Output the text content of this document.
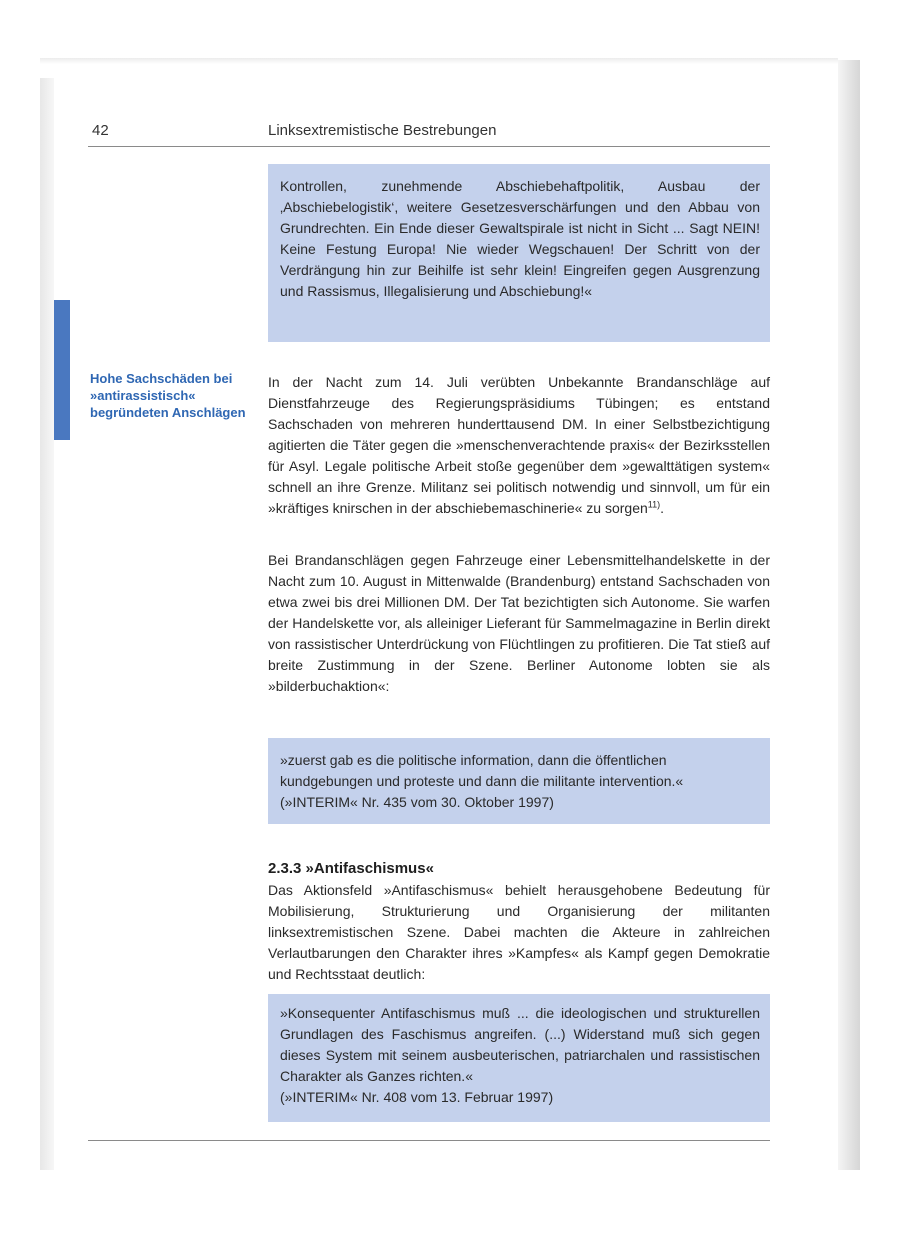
42	Linksextremistische Bestrebungen
Kontrollen, zunehmende Abschiebehaftpolitik, Ausbau der ‚Abschiebelogistik‘, weitere Gesetzesverschärfungen und den Abbau von Grundrechten. Ein Ende dieser Gewaltspirale ist nicht in Sicht ... Sagt NEIN! Keine Festung Europa! Nie wieder Wegschauen! Der Schritt von der Verdrängung hin zur Beihilfe ist sehr klein! Eingreifen gegen Ausgrenzung und Rassismus, Illegalisierung und Abschiebung!«
Hohe Sachschäden bei »antirassistisch« begründeten Anschlägen
In der Nacht zum 14. Juli verübten Unbekannte Brandanschläge auf Dienstfahrzeuge des Regierungspräsidiums Tübingen; es entstand Sachschaden von mehreren hunderttausend DM. In einer Selbstbezichtigung agitierten die Täter gegen die »menschenverachtende praxis« der Bezirksstellen für Asyl. Legale politische Arbeit stoße gegenüber dem »gewalttätigen system« schnell an ihre Grenze. Militanz sei politisch notwendig und sinnvoll, um für ein »kräftiges knirschen in der abschiebemaschinerie« zu sorgen$^{11)}$.
Bei Brandanschlägen gegen Fahrzeuge einer Lebensmittelhandelskette in der Nacht zum 10. August in Mittenwalde (Brandenburg) entstand Sachschaden von etwa zwei bis drei Millionen DM. Der Tat bezichtigten sich Autonome. Sie warfen der Handelskette vor, als alleiniger Lieferant für Sammelmagazine in Berlin direkt von rassistischer Unterdrückung von Flüchtlingen zu profitieren. Die Tat stieß auf breite Zustimmung in der Szene. Berliner Autonome lobten sie als »bilderbuchaktion«:
»zuerst gab es die politische information, dann die öffentlichen kundgebungen und proteste und dann die militante intervention.«
(»INTERIM« Nr. 435 vom 30. Oktober 1997)
2.3.3 »Antifaschismus«
Das Aktionsfeld »Antifaschismus« behielt herausgehobene Bedeutung für Mobilisierung, Strukturierung und Organisierung der militanten linksextremistischen Szene. Dabei machten die Akteure in zahlreichen Verlautbarungen den Charakter ihres »Kampfes« als Kampf gegen Demokratie und Rechtsstaat deutlich:
»Konsequenter Antifaschismus muß ... die ideologischen und strukturellen Grundlagen des Faschismus angreifen. (...) Widerstand muß sich gegen dieses System mit seinem ausbeuterischen, patriarchalen und rassistischen Charakter als Ganzes richten.«
(»INTERIM« Nr. 408 vom 13. Februar 1997)
